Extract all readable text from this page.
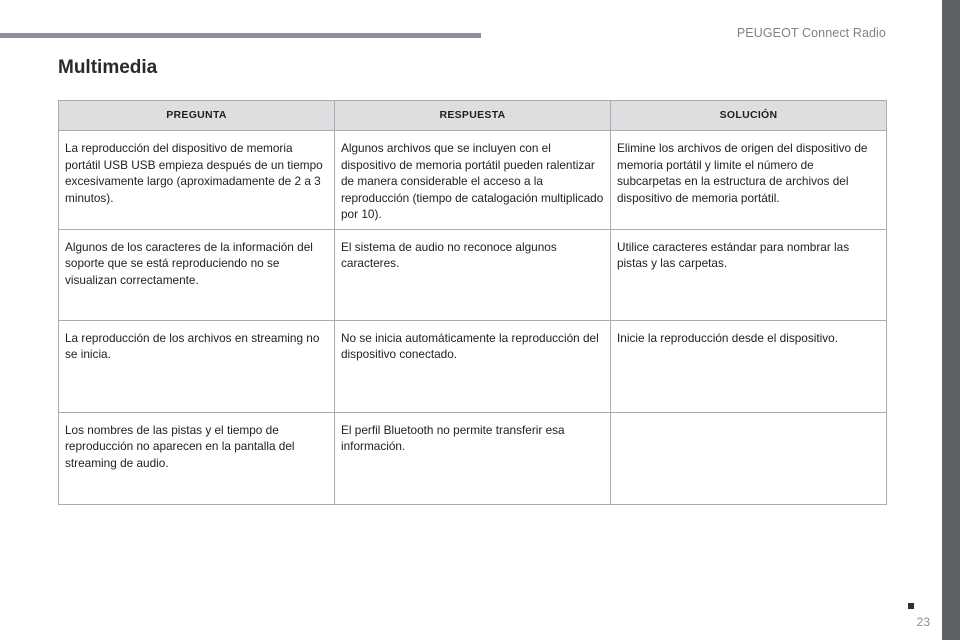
PEUGEOT Connect Radio
Multimedia
PREGUNTA	RESPUESTA	SOLUCIÓN
La reproducción del dispositivo de memoria portátil USB USB empieza después de un tiempo excesivamente largo (aproximadamente de 2 a 3 minutos).	Algunos archivos que se incluyen con el dispositivo de memoria portátil pueden ralentizar de manera considerable el acceso a la reproducción (tiempo de catalogación multiplicado por 10).	Elimine los archivos de origen del dispositivo de memoria portátil y limite el número de subcarpetas en la estructura de archivos del dispositivo de memoria portátil.
Algunos de los caracteres de la información del soporte que se está reproduciendo no se visualizan correctamente.	El sistema de audio no reconoce algunos caracteres.	Utilice caracteres estándar para nombrar las pistas y las carpetas.
La reproducción de los archivos en streaming no se inicia.	No se inicia automáticamente la reproducción del dispositivo conectado.	Inicie la reproducción desde el dispositivo.
Los nombres de las pistas y el tiempo de reproducción no aparecen en la pantalla del streaming de audio.	El perfil Bluetooth no permite transferir esa información.	
23
